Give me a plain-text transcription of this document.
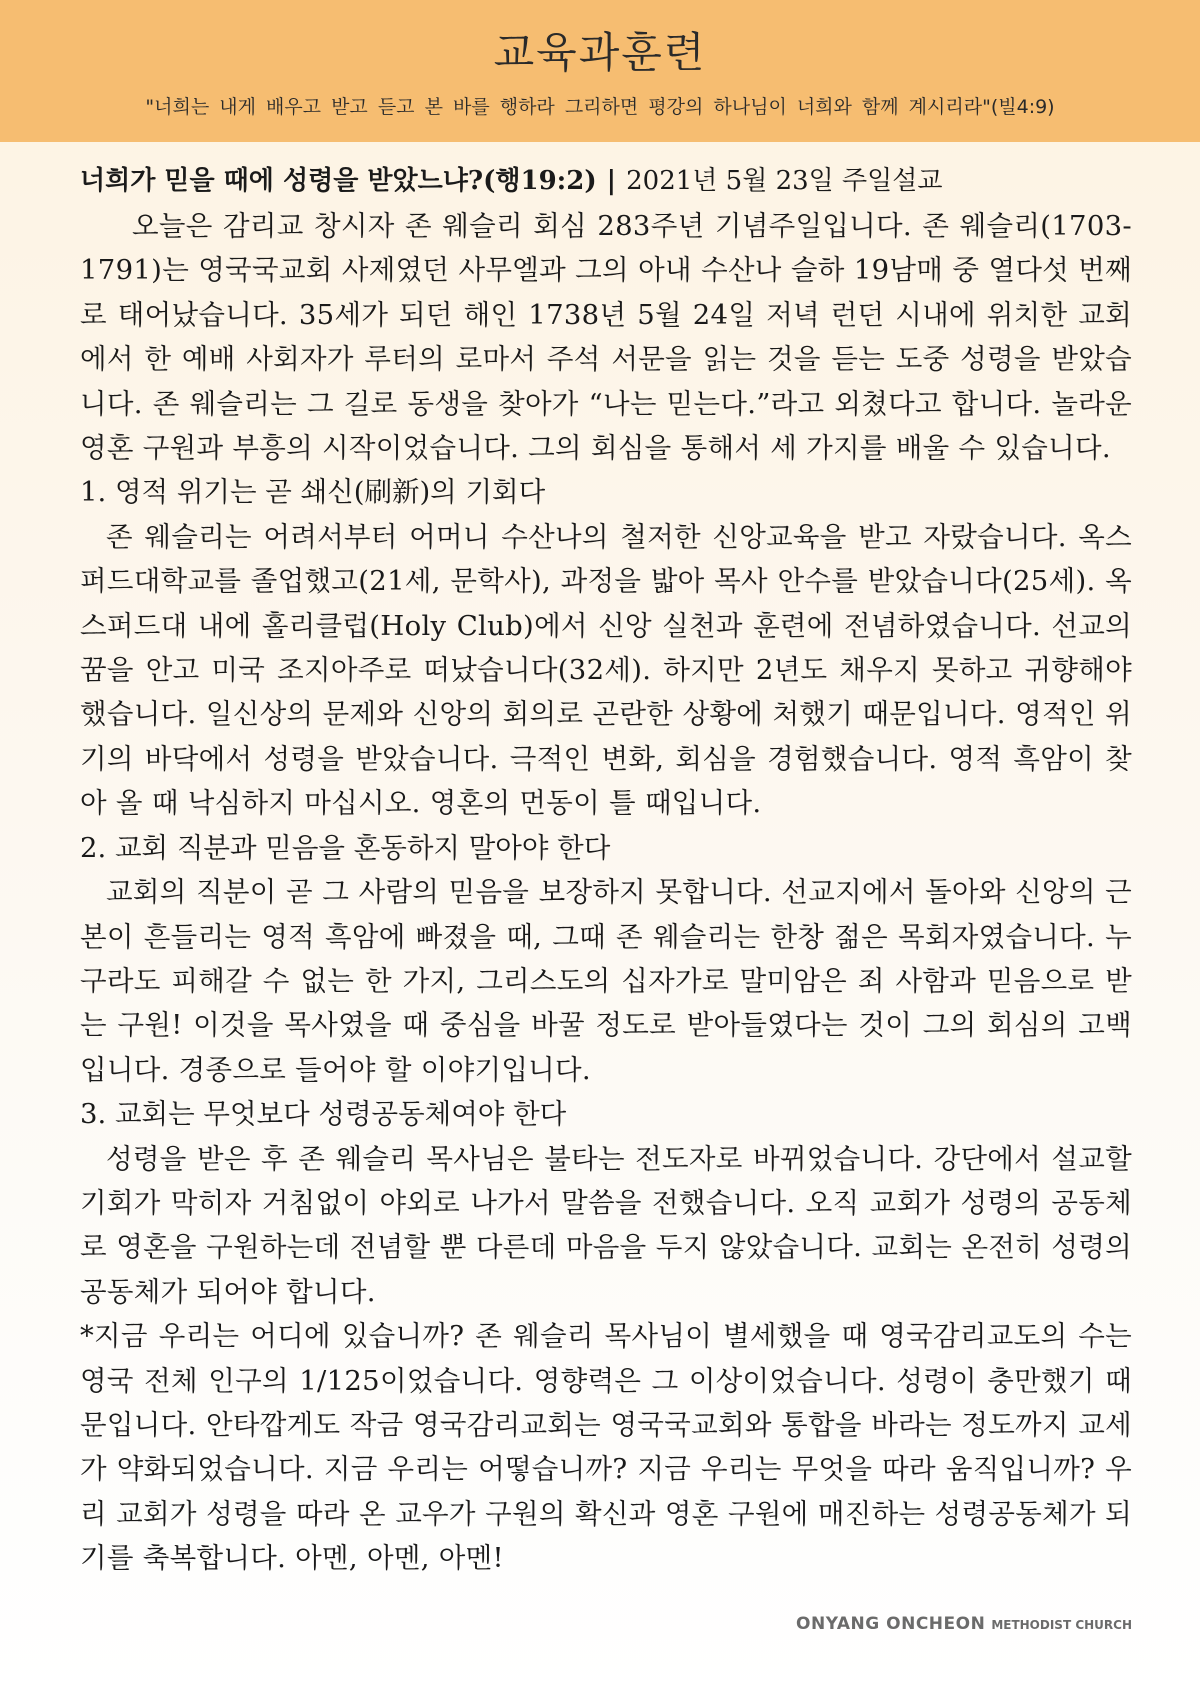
교육과훈련
"너희는 내게 배우고 받고 듣고 본 바를 행하라 그리하면 평강의 하나님이 너희와 함께 계시리라"(빌4:9)
너희가 믿을 때에 성령을 받았느냐?(행19:2) | 2021년 5월 23일 주일설교

오늘은 감리교 창시자 존 웨슬리 회심 283주년 기념주일입니다. 존 웨슬리(1703-1791)는 영국국교회 사제였던 사무엘과 그의 아내 수산나 슬하 19남매 중 열다섯 번째로 태어났습니다. 35세가 되던 해인 1738년 5월 24일 저녁 런던 시내에 위치한 교회에서 한 예배 사회자가 루터의 로마서 주석 서문을 읽는 것을 듣는 도중 성령을 받았습니다. 존 웨슬리는 그 길로 동생을 찾아가 “나는 믿는다.”라고 외쳤다고 합니다. 놀라운 영혼 구원과 부흥의 시작이었습니다. 그의 회심을 통해서 세 가지를 배울 수 있습니다.

1. 영적 위기는 곧 쇄신(刷新)의 기회다

존 웨슬리는 어려서부터 어머니 수산나의 철저한 신앙교육을 받고 자랐습니다. 옥스퍼드대학교를 졸업했고(21세, 문학사), 과정을 밟아 목사 안수를 받았습니다(25세). 옥스퍼드대 내에 홀리클럽(Holy Club)에서 신앙 실천과 훈련에 전념하였습니다. 선교의 꿈을 안고 미국 조지아주로 떠났습니다(32세). 하지만 2년도 채우지 못하고 귀향해야 했습니다. 일신상의 문제와 신앙의 회의로 곤란한 상황에 처했기 때문입니다. 영적인 위기의 바닥에서 성령을 받았습니다. 극적인 변화, 회심을 경험했습니다. 영적 흑암이 찾아 올 때 낙심하지 마십시오. 영혼의 먼동이 틀 때입니다.

2. 교회 직분과 믿음을 혼동하지 말아야 한다

교회의 직분이 곧 그 사람의 믿음을 보장하지 못합니다. 선교지에서 돌아와 신앙의 근본이 흔들리는 영적 흑암에 빠졌을 때, 그때 존 웨슬리는 한창 젊은 목회자였습니다. 누구라도 피해갈 수 없는 한 가지, 그리스도의 십자가로 말미암은 죄 사함과 믿음으로 받는 구원! 이것을 목사였을 때 중심을 바꿀 정도로 받아들였다는 것이 그의 회심의 고백입니다. 경종으로 들어야 할 이야기입니다.

3. 교회는 무엇보다 성령공동체여야 한다

성령을 받은 후 존 웨슬리 목사님은 불타는 전도자로 바뀌었습니다. 강단에서 설교할 기회가 막히자 거침없이 야외로 나가서 말씀을 전했습니다. 오직 교회가 성령의 공동체로 영혼을 구원하는데 전념할 뿐 다른데 마음을 두지 않았습니다. 교회는 온전히 성령의 공동체가 되어야 합니다.

*지금 우리는 어디에 있습니까? 존 웨슬리 목사님이 별세했을 때 영국감리교도의 수는 영국 전체 인구의 1/125이었습니다. 영향력은 그 이상이었습니다. 성령이 충만했기 때문입니다. 안타깝게도 작금 영국감리교회는 영국국교회와 통합을 바라는 정도까지 교세가 약화되었습니다. 지금 우리는 어떻습니까? 지금 우리는 무엇을 따라 움직입니까? 우리 교회가 성령을 따라 온 교우가 구원의 확신과 영혼 구원에 매진하는 성령공동체가 되기를 축복합니다. 아멘, 아멘, 아멘!

ONYANG ONCHEON METHODIST CHURCH
